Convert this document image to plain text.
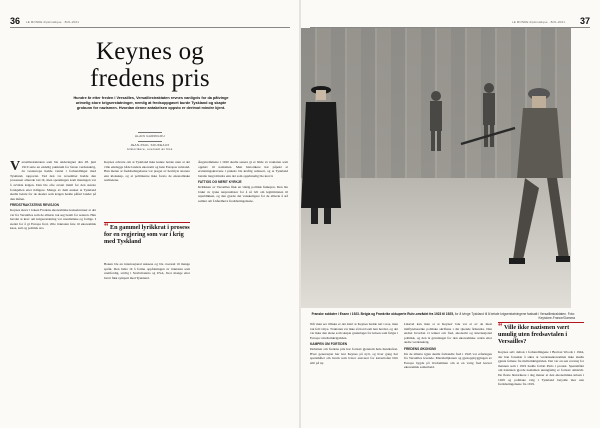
36 LE MONDE diplomatique · 8/21-2021	37
LE MONDE diplomatique · 8/21-2021
Keynes og
fredens pris

Hundre år etter freden i Versailles, Versaillestraktaten revnes vanligvis for da påtvinge urimelig store krigserstatninger, nemlig at fredsoppgavet burde Tyskland og skapte grobunn for nazismen. Hvordan denne antakelsen oppsto er derimot mindre kjent.

ALAIN GARRIGOU
JEAN-PAUL SOUKEAUX
Historikere, oversatt av NoL
V ersaillestraktaten som ble undertegnet den 28. juni 1919 satte en endelig punktum for første verdenskrig, da vesteuropa hadde ventet i forhandlinger med Tyskland, rapportet. Ved den 14. november hadde den prosessen allerede tatt til, men spenningen kom meningen var å avvikle krigen. Den ble ofte avsatt inntil for den største forskjellen etter tidligere. Mange av dem ønsket at Tyskland skulle betale for de skader som krigen hadde påført landet på den måten.
FREDSTRAKTATENS REVISJON
Keynes skrev i boken Fredens økonomiske konsekvenser at det var fra Versailles som de allierte tok seg betalt for seieren. Han hevdet at krav om krigserstatning var urealistiske og farlige. I stedet for å gi Europa fred, ville traktaten føre til økonomisk kaos, sult og politisk uro.
Keynes advarte om at Tyskland ikke kunne betale uten at det ville ødelegge både landets økonomi og hele Europas velstand. Han mente at fredsbetingelsene var preget av hevnlyst snarere enn klokskap, og at politikerne ikke forsto de økonomiske realitetene.
“ En gammel lyrikkrat i prosess for en regjering som var i krig med Tyskland
Boken ble en internasjonal suksess og ble oversatt til mange språk. Den bidro til å forme oppfatningen av traktaten som urettferdig, særlig i Storbritannia og USA, hvor mange etter hvert fikk sympati med Tyskland.
Ångstremmene i 1920 skulle senere gi et bilde av traktaten som opphav til nazismen. Men historikere har påpekt at erstatningskravene i praksis ble kraftig redusert, og at Tyskland betalte langt mindre enn det som opprinnelig ble krevd.
FATTIGS OG MERIT KYRKJE
Kritikken av Versailles fikk en viktig politisk funksjon. Den ble brukt av tyske nasjonalister for å så tvil om legitimiteten til republikken, og den gjorde det vanskeligere for de allierte å stå samlet om å håndheve fredsbetingelsene.
Franske soldater i Essen i 1923. Belgia og Frankrike okkuperte Ruhr-området fra 1923 til 1925, for å tvinge Tyskland til å betale krigserstatningene fastsatt i Versaillestraktaten. Foto: Keystone-France/Gamma
Når man ser tilbake er det klart at Keynes hadde rett i noe, men tok feil i mye. Traktaten var ikke så hard som han hevdet, og det var ikke den alene som skapte grunnlaget for krisen som fulgte i Europa i mellomkrigstiden.
KAMPEN OM FORTIDEN
Debatten om fredens pris har fortsatt gjennom hele hundreåret. Hver generasjon har lest Keynes på nytt, og hver gang har spørsmålet om hvem som bærer ansvaret for katastrofen blitt stilt på ny.
Likevel kan man si at Keynes' bok var et av de mest innflytelsesrike politiske skriftene i det tjuende århundre. Den endret hvordan vi tenker om fred, økonomi og internasjonal politikk, og den la grunnlaget for den økonomiske orden etter andre verdenskrig.
FREDENS ØKONOMI
Da de allierte igjen skulle forhandle fred i 1945 var erfaringen fra Versailles levende. Marshallplanen og gjenoppbyggingen av Europa bygde på lærdommen om at en varig fred krever økonomisk samarbeid.
“ Ville ikke nazismen vært umulig uten fredsavtalen i Versailles?
Keynes selv deltok i forhandlingene i Bretton Woods i 1944, der han forsøkte å sikre at verdensøkonomien ikke skulle gjenta feilene fra mellomkrigstiden. Det var en sen revansj for mannen som i 1919 hadde forlatt Paris i protest. Spørsmålet om traktaten gjorde nazismen uunngåelig er fortsatt omstridt. De fleste historikere i dag mener at den økonomiske krisen i 1929 og politiske valg i Tyskland betydde mer enn fredsbetingelsene fra 1919.
